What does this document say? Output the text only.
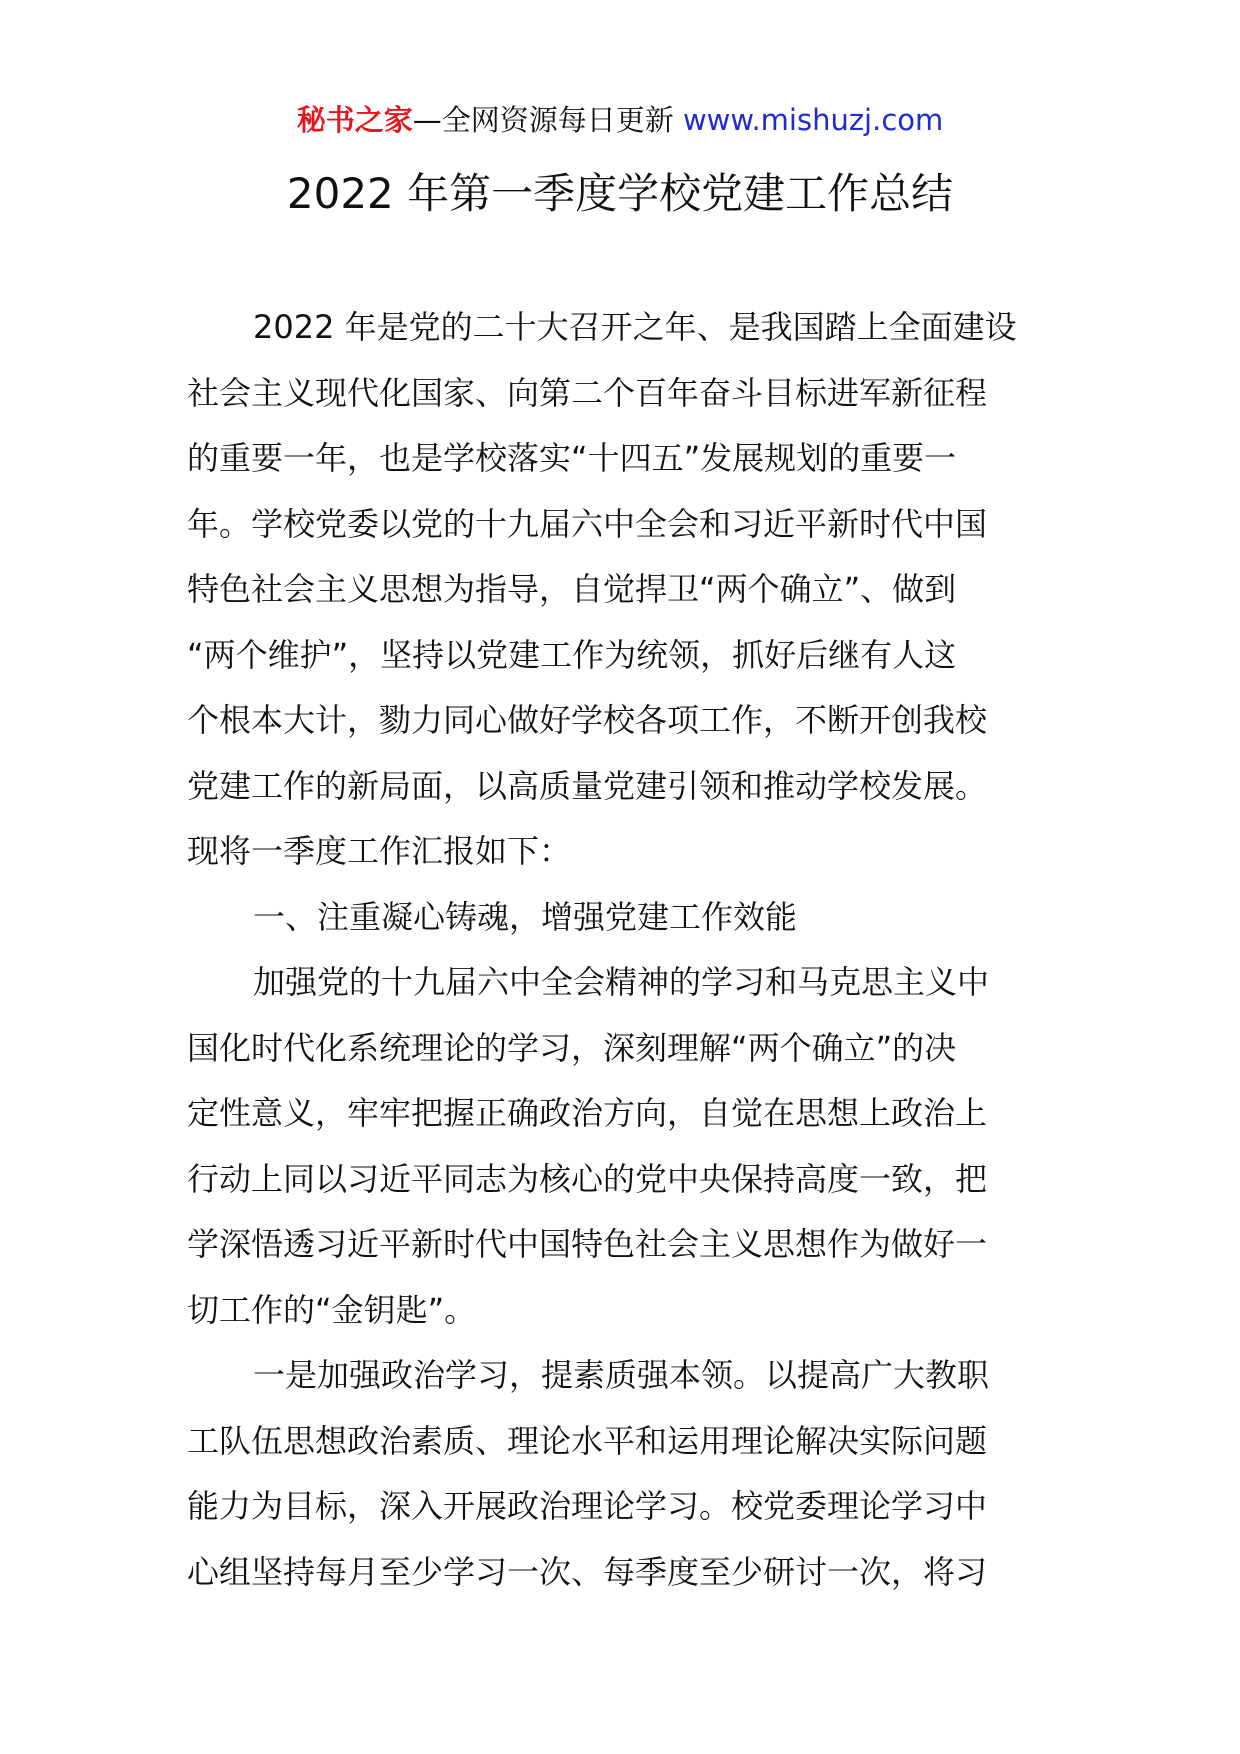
秘书之家—全网资源每日更新 www.mishuzj.com
2022 年第一季度学校党建工作总结
2022 年是党的二十大召开之年、是我国踏上全面建设
社会主义现代化国家、向第二个百年奋斗目标进军新征程
的重要一年，也是学校落实“十四五”发展规划的重要一
年。学校党委以党的十九届六中全会和习近平新时代中国
特色社会主义思想为指导，自觉捍卫“两个确立”、做到
“两个维护”，坚持以党建工作为统领，抓好后继有人这
个根本大计，勠力同心做好学校各项工作，不断开创我校
党建工作的新局面，以高质量党建引领和推动学校发展。
现将一季度工作汇报如下：
一、注重凝心铸魂，增强党建工作效能
加强党的十九届六中全会精神的学习和马克思主义中
国化时代化系统理论的学习，深刻理解“两个确立”的决
定性意义，牢牢把握正确政治方向，自觉在思想上政治上
行动上同以习近平同志为核心的党中央保持高度一致，把
学深悟透习近平新时代中国特色社会主义思想作为做好一
切工作的“金钥匙”。
一是加强政治学习，提素质强本领。以提高广大教职
工队伍思想政治素质、理论水平和运用理论解决实际问题
能力为目标，深入开展政治理论学习。校党委理论学习中
心组坚持每月至少学习一次、每季度至少研讨一次，将习
